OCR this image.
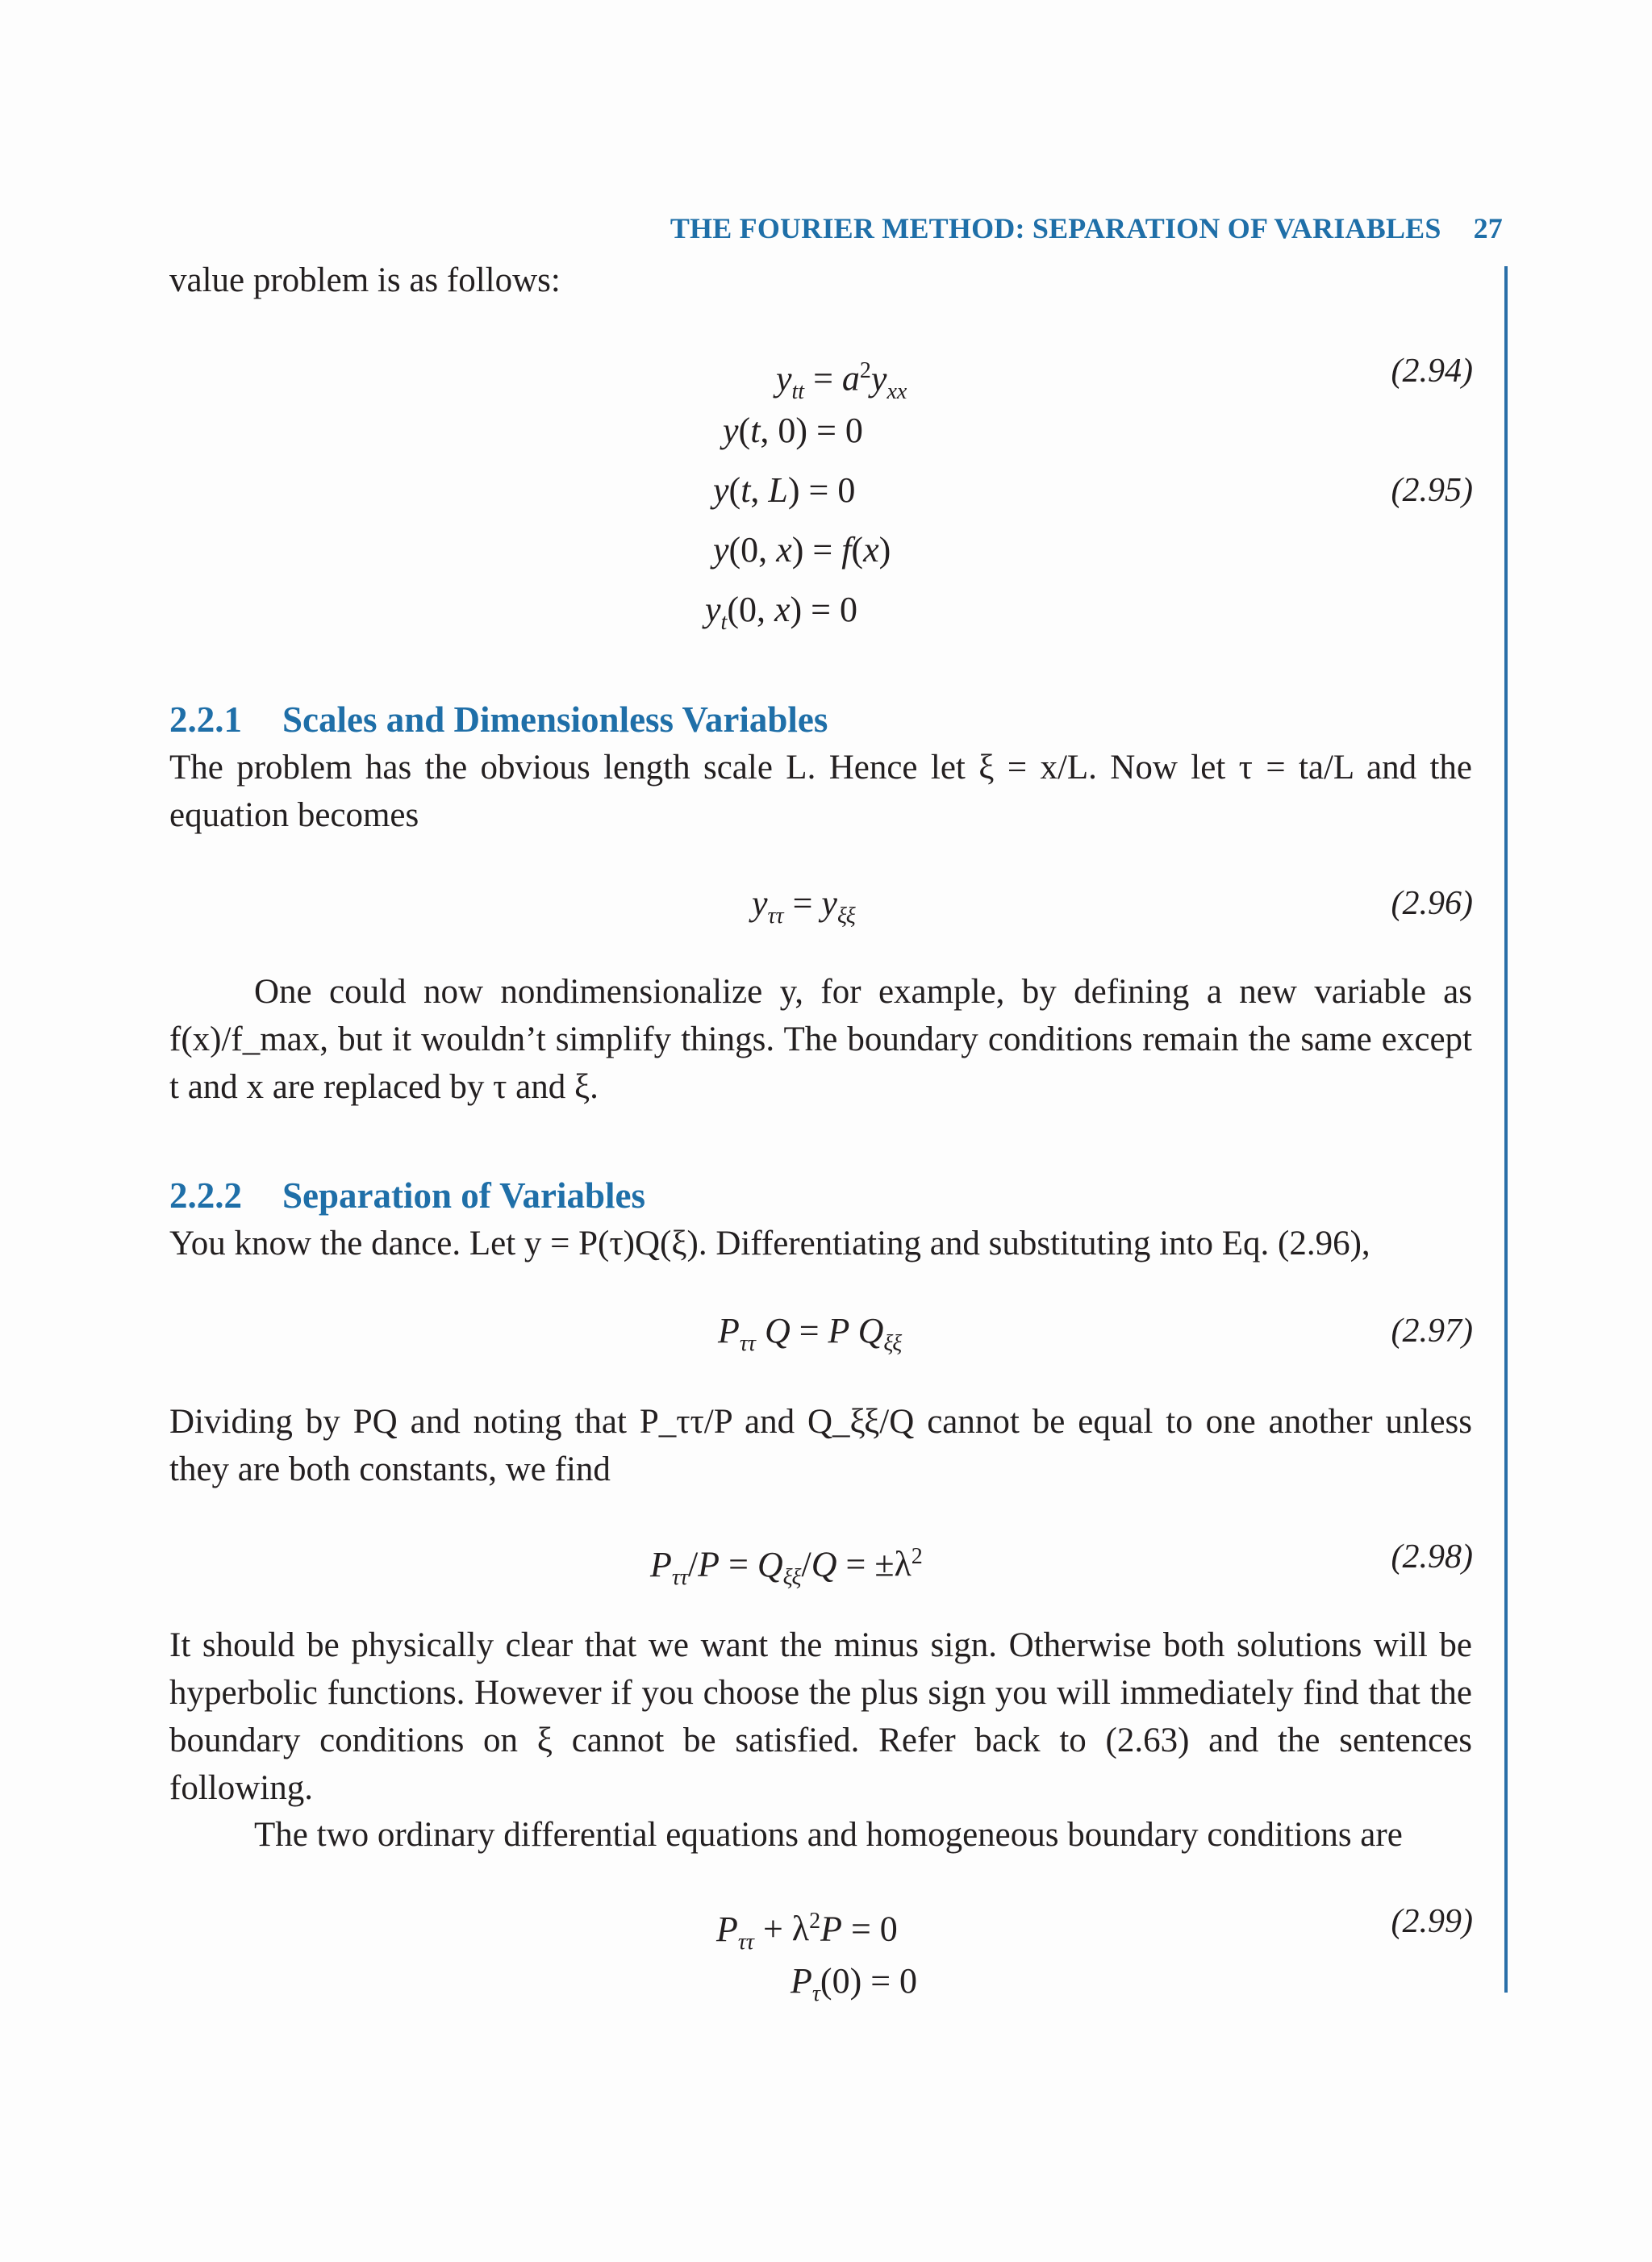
THE FOURIER METHOD: SEPARATION OF VARIABLES 27
value problem is as follows:
$y_{tt} = a^2y_{xx}$
(2.94)
y(t, 0) = 0
y(t, L) = 0	(2.95)
y(0, x) = f(x)
$y_t(0$, x) = 0
2.2.1 Scales and Dimensionless Variables
The problem has the obvious length scale L. Hence let ξ = x/L. Now let τ = ta/L and the equation becomes
$y_{\tau\tau} = y_{\xi\xi}$	(2.96)
One could now nondimensionalize y, for example, by defining a new variable as f(x)/f_max, but it wouldn’t simplify things. The boundary conditions remain the same except t and x are replaced by τ and ξ.
2.2.2 Separation of Variables
You know the dance. Let y = P(τ)Q(ξ). Differentiating and substituting into Eq. (2.96),
$P_{\tau\tau}$ Q = P $Q_{\xi\xi}$	(2.97)
Dividing by PQ and noting that P_ττ/P and Q_ξξ/Q cannot be equal to one another unless they are both constants, we find
$P_{\tau\tau}/P = Q_{\xi\xi}/Q = \pm\lambda^2$	(2.98)
It should be physically clear that we want the minus sign. Otherwise both solutions will be hyperbolic functions. However if you choose the plus sign you will immediately find that the boundary conditions on ξ cannot be satisfied. Refer back to (2.63) and the sentences following.
The two ordinary differential equations and homogeneous boundary conditions are
$P_{\tau\tau} + \lambda^2P = 0$	(2.99)
$P_\tau(0) = 0$
